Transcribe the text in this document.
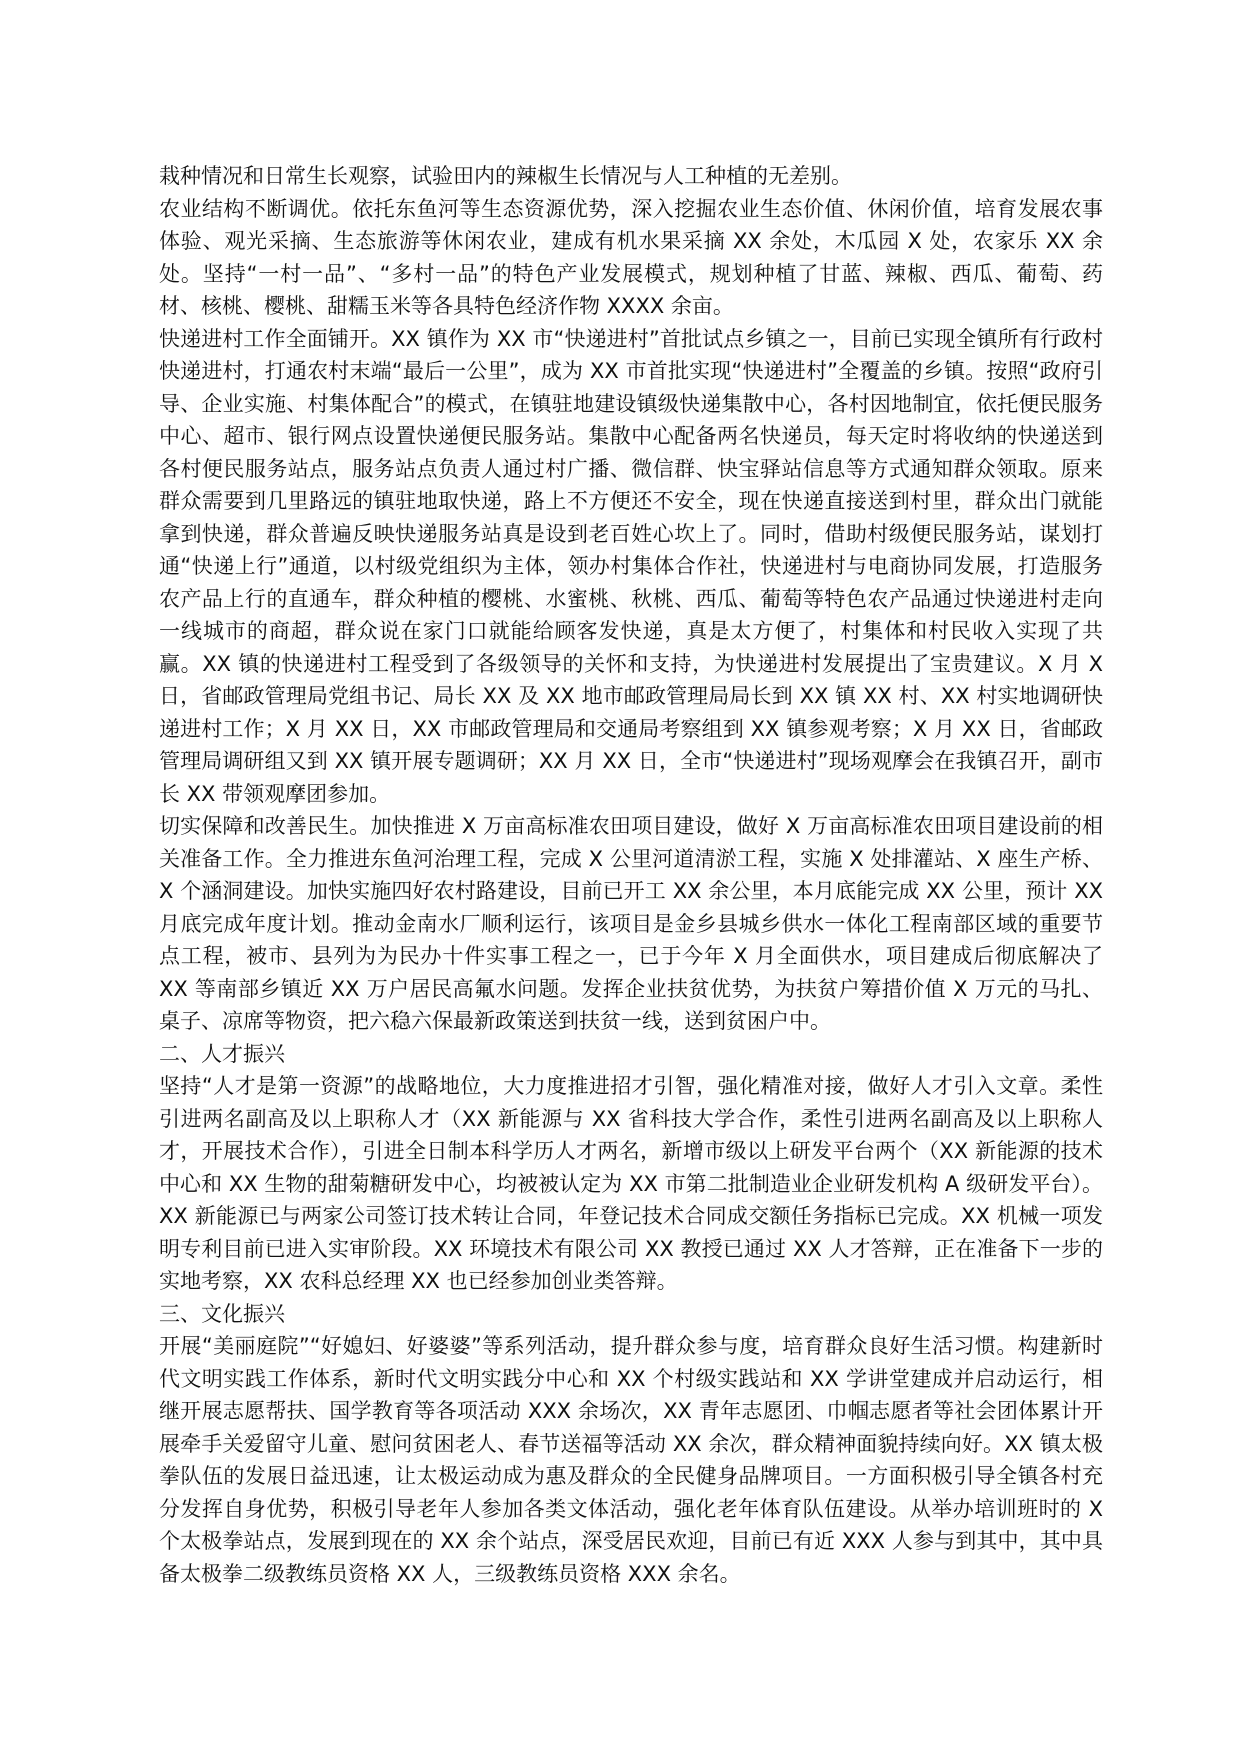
栽种情况和日常生长观察，试验田内的辣椒生长情况与人工种植的无差别。

农业结构不断调优。依托东鱼河等生态资源优势，深入挖掘农业生态价值、休闲价值，培育发展农事体验、观光采摘、生态旅游等休闲农业，建成有机水果采摘 XX 余处，木瓜园 X 处，农家乐 XX 余处。坚持“一村一品”、“多村一品”的特色产业发展模式，规划种植了甘蓝、辣椒、西瓜、葡萄、药材、核桃、樱桃、甜糯玉米等各具特色经济作物 XXXX 余亩。

快递进村工作全面铺开。XX 镇作为 XX 市“快递进村”首批试点乡镇之一，目前已实现全镇所有行政村快递进村，打通农村末端“最后一公里”，成为 XX 市首批实现“快递进村”全覆盖的乡镇。按照“政府引导、企业实施、村集体配合”的模式，在镇驻地建设镇级快递集散中心，各村因地制宜，依托便民服务中心、超市、银行网点设置快递便民服务站。集散中心配备两名快递员，每天定时将收纳的快递送到各村便民服务站点，服务站点负责人通过村广播、微信群、快宝驿站信息等方式通知群众领取。原来群众需要到几里路远的镇驻地取快递，路上不方便还不安全，现在快递直接送到村里，群众出门就能拿到快递，群众普遍反映快递服务站真是设到老百姓心坎上了。同时，借助村级便民服务站，谋划打通“快递上行”通道，以村级党组织为主体，领办村集体合作社，快递进村与电商协同发展，打造服务农产品上行的直通车，群众种植的樱桃、水蜜桃、秋桃、西瓜、葡萄等特色农产品通过快递进村走向一线城市的商超，群众说在家门口就能给顾客发快递，真是太方便了，村集体和村民收入实现了共赢。XX 镇的快递进村工程受到了各级领导的关怀和支持，为快递进村发展提出了宝贵建议。X 月 X 日，省邮政管理局党组书记、局长 XX 及 XX 地市邮政管理局局长到 XX 镇 XX 村、XX 村实地调研快递进村工作；X 月 XX 日，XX 市邮政管理局和交通局考察组到 XX 镇参观考察；X 月 XX 日，省邮政管理局调研组又到 XX 镇开展专题调研；XX 月 XX 日，全市“快递进村”现场观摩会在我镇召开，副市长 XX 带领观摩团参加。

切实保障和改善民生。加快推进 X 万亩高标准农田项目建设，做好 X 万亩高标准农田项目建设前的相关准备工作。全力推进东鱼河治理工程，完成 X 公里河道清淤工程，实施 X 处排灌站、X 座生产桥、X 个涵洞建设。加快实施四好农村路建设，目前已开工 XX 余公里，本月底能完成 XX 公里，预计 XX 月底完成年度计划。推动金南水厂顺利运行，该项目是金乡县城乡供水一体化工程南部区域的重要节点工程，被市、县列为为民办十件实事工程之一，已于今年 X 月全面供水，项目建成后彻底解决了 XX 等南部乡镇近 XX 万户居民高氟水问题。发挥企业扶贫优势，为扶贫户筹措价值 X 万元的马扎、桌子、凉席等物资，把六稳六保最新政策送到扶贫一线，送到贫困户中。

二、人才振兴

坚持“人才是第一资源”的战略地位，大力度推进招才引智，强化精准对接，做好人才引入文章。柔性引进两名副高及以上职称人才（XX 新能源与 XX 省科技大学合作，柔性引进两名副高及以上职称人才，开展技术合作），引进全日制本科学历人才两名，新增市级以上研发平台两个（XX 新能源的技术中心和 XX 生物的甜菊糖研发中心，均被被认定为 XX 市第二批制造业企业研发机构 A 级研发平台）。XX 新能源已与两家公司签订技术转让合同，年登记技术合同成交额任务指标已完成。XX 机械一项发明专利目前已进入实审阶段。XX 环境技术有限公司 XX 教授已通过 XX 人才答辩，正在准备下一步的实地考察，XX 农科总经理 XX 也已经参加创业类答辩。

三、文化振兴

开展“美丽庭院”“好媳妇、好婆婆”等系列活动，提升群众参与度，培育群众良好生活习惯。构建新时代文明实践工作体系，新时代文明实践分中心和 XX 个村级实践站和 XX 学讲堂建成并启动运行，相继开展志愿帮扶、国学教育等各项活动 XXX 余场次，XX 青年志愿团、巾帼志愿者等社会团体累计开展牵手关爱留守儿童、慰问贫困老人、春节送福等活动 XX 余次，群众精神面貌持续向好。XX 镇太极拳队伍的发展日益迅速，让太极运动成为惠及群众的全民健身品牌项目。一方面积极引导全镇各村充分发挥自身优势，积极引导老年人参加各类文体活动，强化老年体育队伍建设。从举办培训班时的 X 个太极拳站点，发展到现在的 XX 余个站点，深受居民欢迎，目前已有近 XXX 人参与到其中，其中具备太极拳二级教练员资格 XX 人，三级教练员资格 XXX 余名。
